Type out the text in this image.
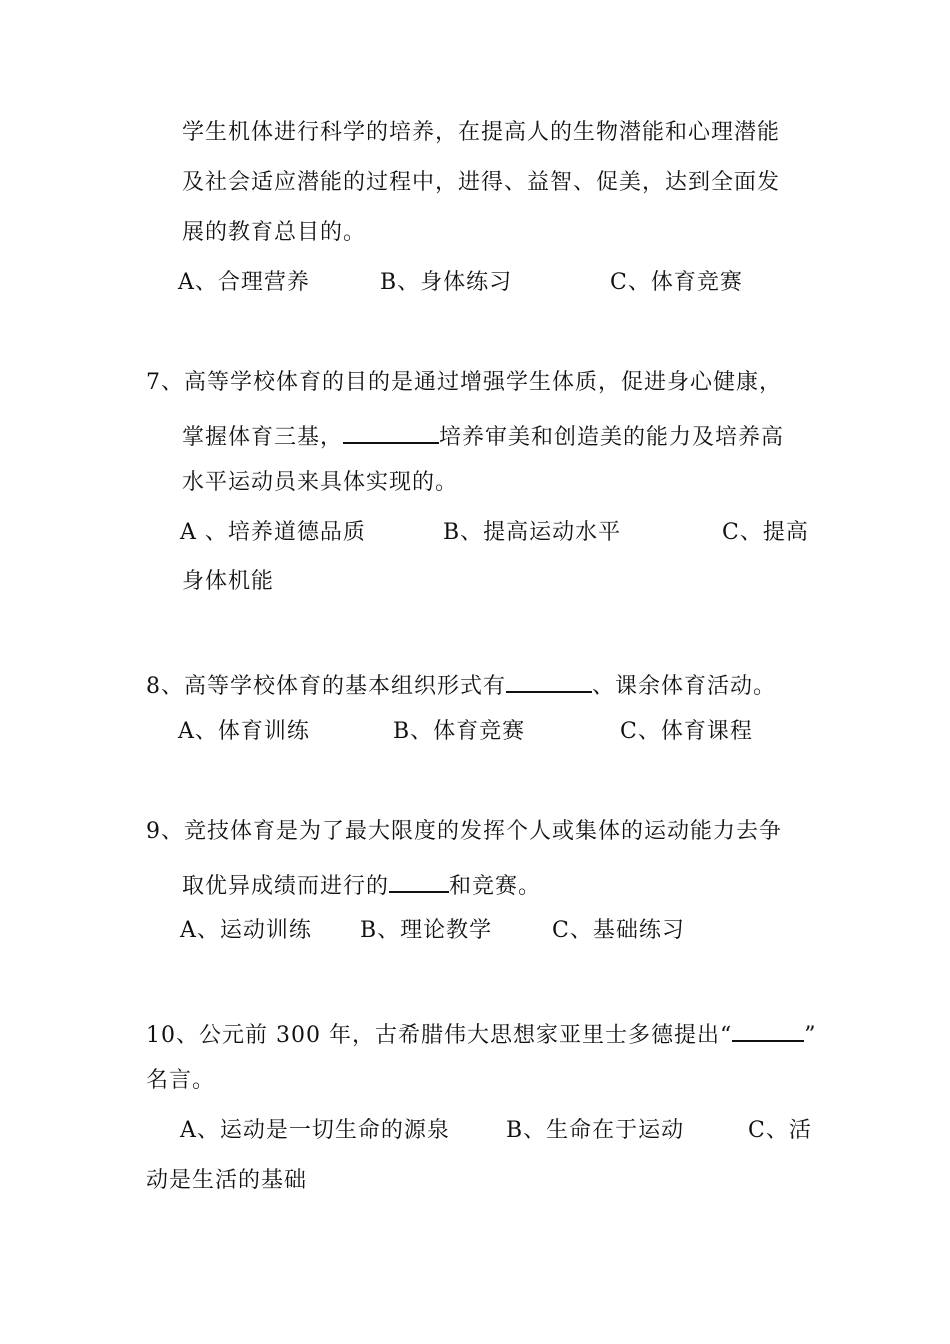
学生机体进行科学的培养，在提高人的生物潜能和心理潜能
及社会适应潜能的过程中，进得、益智、促美，达到全面发
展的教育总目的。
A、合理营养	B、身体练习	C、体育竞赛
7、高等学校体育的目的是通过增强学生体质，促进身心健康，
掌握体育三基，	培养审美和创造美的能力及培养高
水平运动员来具体实现的。
A 、培养道德品质	B、提高运动水平	C、提高
身体机能
8、高等学校体育的基本组织形式有	、课余体育活动。
A、体育训练	B、体育竞赛	C、体育课程
9、竞技体育是为了最大限度的发挥个人或集体的运动能力去争
取优异成绩而进行的	和竞赛。
A、运动训练 B、理论教学	C、基础练习
10、公元前 300 年，古希腊伟大思想家亚里士多德提出“	”
名言。
A、运动是一切生命的源泉	B、生命在于运动	C、活
动是生活的基础
